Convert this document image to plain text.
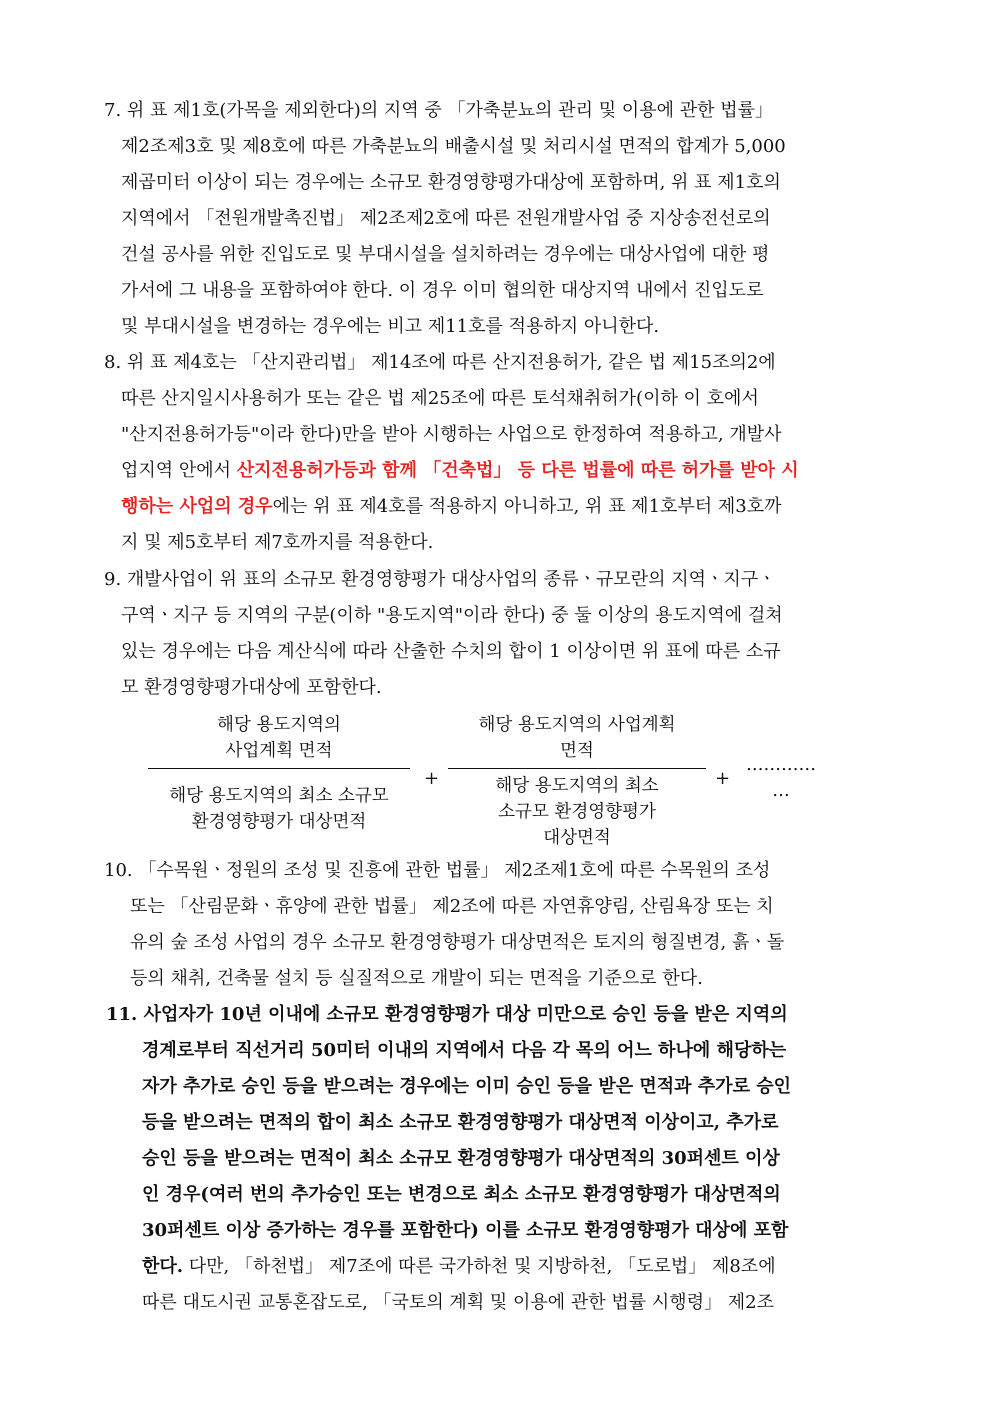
7. 위 표 제1호(가목을 제외한다)의 지역 중 「가축분뇨의 관리 및 이용에 관한 법률」
제2조제3호 및 제8호에 따른 가축분뇨의 배출시설 및 처리시설 면적의 합계가 5,000
제곱미터 이상이 되는 경우에는 소규모 환경영향평가대상에 포함하며, 위 표 제1호의
지역에서 「전원개발촉진법」 제2조제2호에 따른 전원개발사업 중 지상송전선로의
건설 공사를 위한 진입도로 및 부대시설을 설치하려는 경우에는 대상사업에 대한 평
가서에 그 내용을 포함하여야 한다. 이 경우 이미 협의한 대상지역 내에서 진입도로
및 부대시설을 변경하는 경우에는 비고 제11호를 적용하지 아니한다.
8. 위 표 제4호는 「산지관리법」 제14조에 따른 산지전용허가, 같은 법 제15조의2에
따른 산지일시사용허가 또는 같은 법 제25조에 따른 토석채취허가(이하 이 호에서
"산지전용허가등"이라 한다)만을 받아 시행하는 사업으로 한정하여 적용하고, 개발사
업지역 안에서 산지전용허가등과 함께 「건축법」 등 다른 법률에 따른 허가를 받아 시
행하는 사업의 경우에는 위 표 제4호를 적용하지 아니하고, 위 표 제1호부터 제3호까
지 및 제5호부터 제7호까지를 적용한다.
9. 개발사업이 위 표의 소규모 환경영향평가 대상사업의 종류ㆍ규모란의 지역ㆍ지구ㆍ
구역ㆍ지구 등 지역의 구분(이하 "용도지역"이라 한다) 중 둘 이상의 용도지역에 걸쳐
있는 경우에는 다음 계산식에 따라 산출한 수치의 합이 1 이상이면 위 표에 따른 소규
모 환경영향평가대상에 포함한다.
해당 용도지역의
사업계획 면적
해당 용도지역의 최소 소규모
환경영향평가 대상면적
+
해당 용도지역의 사업계획
면적
해당 용도지역의 최소
소규모 환경영향평가
대상면적
+
…………
…
10. 「수목원ㆍ정원의 조성 및 진흥에 관한 법률」 제2조제1호에 따른 수목원의 조성
또는 「산림문화ㆍ휴양에 관한 법률」 제2조에 따른 자연휴양림, 산림욕장 또는 치
유의 숲 조성 사업의 경우 소규모 환경영향평가 대상면적은 토지의 형질변경, 흙ㆍ돌
등의 채취, 건축물 설치 등 실질적으로 개발이 되는 면적을 기준으로 한다.
11. 사업자가 10년 이내에 소규모 환경영향평가 대상 미만으로 승인 등을 받은 지역의
경계로부터 직선거리 50미터 이내의 지역에서 다음 각 목의 어느 하나에 해당하는
자가 추가로 승인 등을 받으려는 경우에는 이미 승인 등을 받은 면적과 추가로 승인
등을 받으려는 면적의 합이 최소 소규모 환경영향평가 대상면적 이상이고, 추가로
승인 등을 받으려는 면적이 최소 소규모 환경영향평가 대상면적의 30퍼센트 이상
인 경우(여러 번의 추가승인 또는 변경으로 최소 소규모 환경영향평가 대상면적의
30퍼센트 이상 증가하는 경우를 포함한다) 이를 소규모 환경영향평가 대상에 포함
한다. 다만, 「하천법」 제7조에 따른 국가하천 및 지방하천, 「도로법」 제8조에
따른 대도시권 교통혼잡도로, 「국토의 계획 및 이용에 관한 법률 시행령」 제2조
